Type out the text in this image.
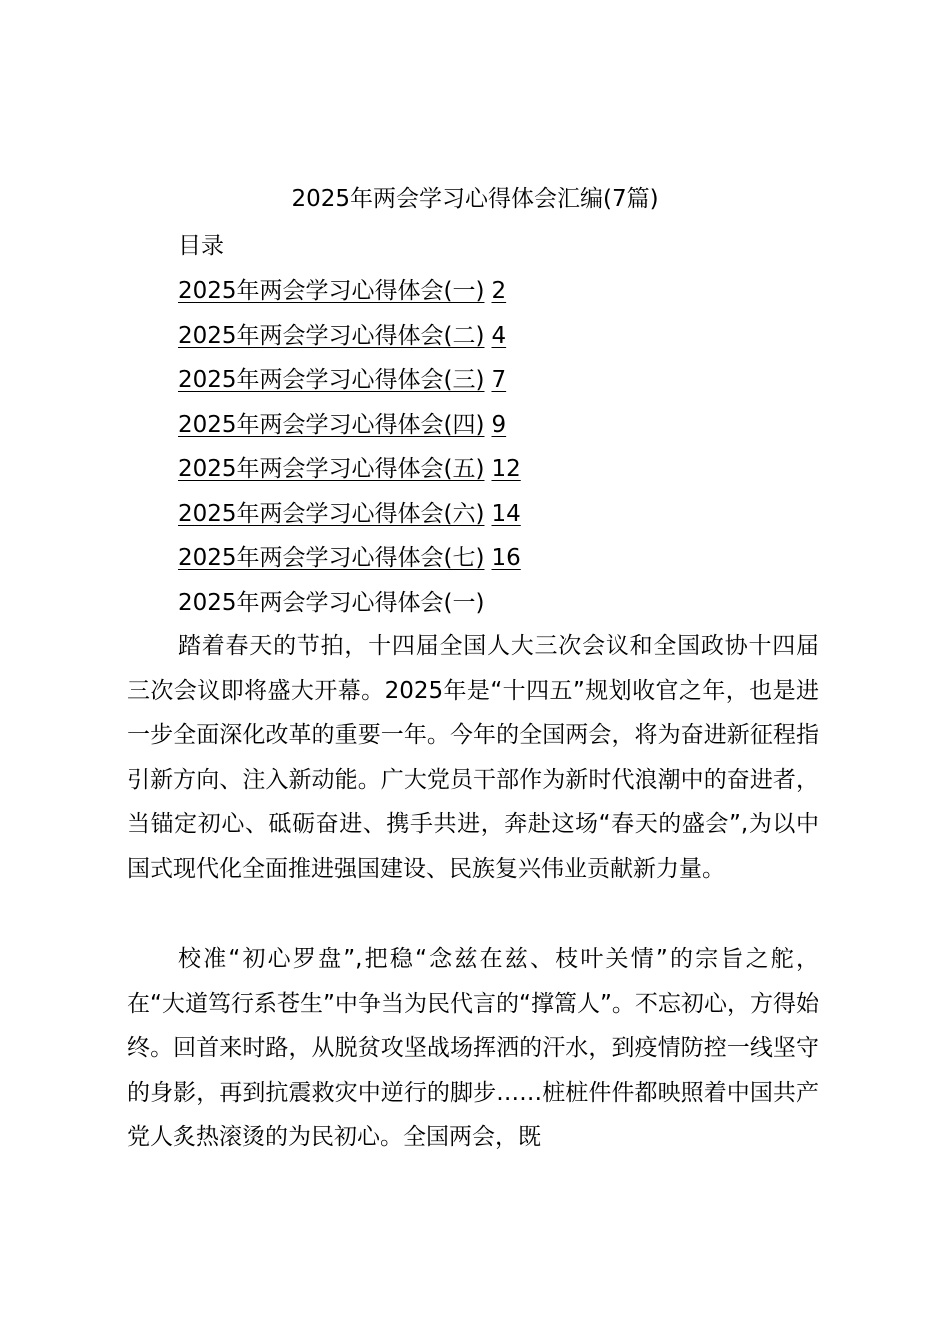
2025年两会学习心得体会汇编(7篇)
目录
2025年两会学习心得体会(一) 2
2025年两会学习心得体会(二) 4
2025年两会学习心得体会(三) 7
2025年两会学习心得体会(四) 9
2025年两会学习心得体会(五) 12
2025年两会学习心得体会(六) 14
2025年两会学习心得体会(七) 16
2025年两会学习心得体会(一)

踏着春天的节拍，十四届全国人大三次会议和全国政协十四届三次会议即将盛大开幕。2025年是“十四五”规划收官之年，也是进一步全面深化改革的重要一年。今年的全国两会，将为奋进新征程指引新方向、注入新动能。广大党员干部作为新时代浪潮中的奋进者，当锚定初心、砥砺奋进、携手共进，奔赴这场“春天的盛会”,为以中国式现代化全面推进强国建设、民族复兴伟业贡献新力量。

校准“初心罗盘”,把稳“念兹在兹、枝叶关情”的宗旨之舵，在“大道笃行系苍生”中争当为民代言的“撑篙人”。不忘初心，方得始终。回首来时路，从脱贫攻坚战场挥洒的汗水，到疫情防控一线坚守的身影，再到抗震救灾中逆行的脚步……桩桩件件都映照着中国共产党人炙热滚烫的为民初心。全国两会，既
